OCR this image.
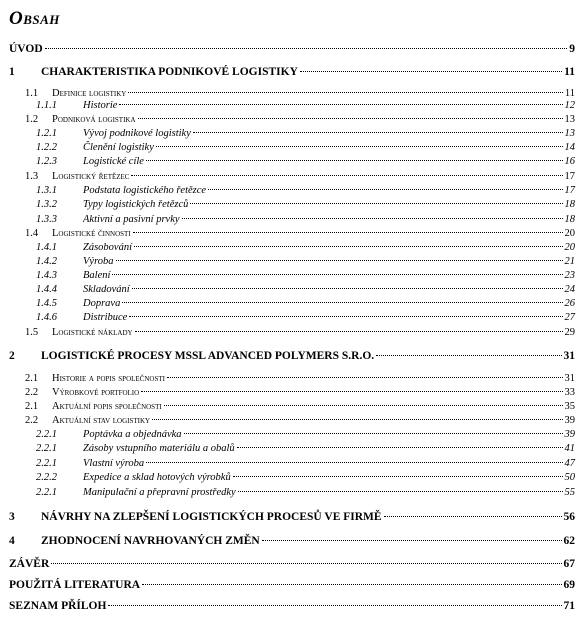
Obsah
ÚVOD	9
1 CHARAKTERISTIKA PODNIKOVÉ LOGISTIKY	11
1.1 Definice logistiky	11
1.1.1 Historie	12
1.2 Podniková logistika	13
1.2.1 Vývoj podnikové logistiky	13
1.2.2 Členění logistiky	14
1.2.3 Logistické cíle	16
1.3 Logistický řetězec	17
1.3.1 Podstata logistického řetězce	17
1.3.2 Typy logistických řetězců	18
1.3.3 Aktivní a pasivní prvky	18
1.4 Logistické činnosti	20
1.4.1 Zásobování	20
1.4.2 Výroba	21
1.4.3 Balení	23
1.4.4 Skladování	24
1.4.5 Doprava	26
1.4.6 Distribuce	27
1.5 Logistické náklady	29
2 LOGISTICKÉ PROCESY MSSL ADVANCED POLYMERS S.R.O.	31
2.1 Historie a popis společnosti	31
2.2 Výrobkové portfolio	33
2.1 Aktuální popis společnosti	35
2.2 Aktuální stav logistiky	39
2.2.1 Poptávka a objednávka	39
2.2.1 Zásoby vstupního materiálu a obalů	41
2.2.1 Vlastní výroba	47
2.2.2 Expedice a sklad hotových výrobků	50
2.2.1 Manipulační a přepravní prostředky	55
3 NÁVRHY NA ZLEPŠENÍ LOGISTICKÝCH PROCESŮ VE FIRMĚ	56
4 ZHODNOCENÍ NAVRHOVANÝCH ZMĚN	62
ZÁVĚR	67
POUŽITÁ LITERATURA	69
SEZNAM PŘÍLOH	71
